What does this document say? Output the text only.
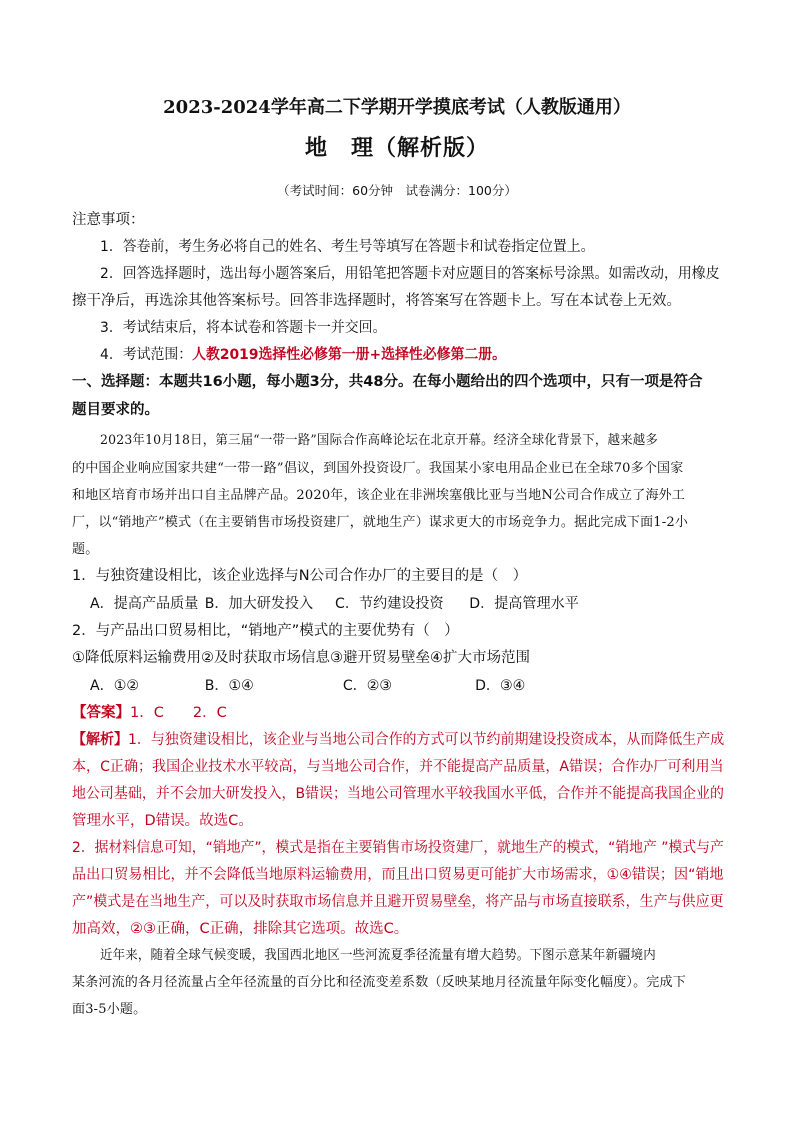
2023-2024学年高二下学期开学摸底考试（人教版通用）
地　理（解析版）
（考试时间：60分钟　试卷满分：100分）
注意事项：
1．答卷前，考生务必将自己的姓名、考生号等填写在答题卡和试卷指定位置上。
2．回答选择题时，选出每小题答案后，用铅笔把答题卡对应题目的答案标号涂黑。如需改动，用橡皮
擦干净后，再选涂其他答案标号。回答非选择题时，将答案写在答题卡上。写在本试卷上无效。
3．考试结束后，将本试卷和答题卡一并交回。
4．考试范围：人教2019选择性必修第一册+选择性必修第二册。
一、选择题：本题共16小题，每小题3分，共48分。在每小题给出的四个选项中，只有一项是符合
题目要求的。
2023年10月18日，第三届“一带一路”国际合作高峰论坛在北京开幕。经济全球化背景下，越来越多
的中国企业响应国家共建“一带一路”倡议，到国外投资设厂。我国某小家电用品企业已在全球70多个国家
和地区培育市场并出口自主品牌产品。2020年，该企业在非洲埃塞俄比亚与当地N公司合作成立了海外工
厂，以“销地产”模式（在主要销售市场投资建厂，就地生产）谋求更大的市场竞争力。据此完成下面1-2小
题。
1．与独资建设相比，该企业选择与N公司合作办厂的主要目的是（　）
A．提高产品质量 B．加大研发投入 C．节约建设投资 D．提高管理水平
2．与产品出口贸易相比，“销地产”模式的主要优势有（　）
①降低原料运输费用②及时获取市场信息③避开贸易壁垒④扩大市场范围
A．①②	B．①④	C．②③	D．③④
【答案】1．C　　2．C
【解析】1．与独资建设相比，该企业与当地公司合作的方式可以节约前期建设投资成本，从而降低生产成
本，C正确；我国企业技术水平较高，与当地公司合作，并不能提高产品质量，A错误；合作办厂可利用当
地公司基础，并不会加大研发投入，B错误；当地公司管理水平较我国水平低，合作并不能提高我国企业的
管理水平，D错误。故选C。
2．据材料信息可知，“销地产”，模式是指在主要销售市场投资建厂，就地生产的模式，“销地产 ”模式与产
品出口贸易相比，并不会降低当地原料运输费用，而且出口贸易更可能扩大市场需求，①④错误；因“销地
产”模式是在当地生产，可以及时获取市场信息并且避开贸易壁垒，将产品与市场直接联系，生产与供应更
加高效，②③正确，C正确，排除其它选项。故选C。
近年来，随着全球气候变暖，我国西北地区一些河流夏季径流量有增大趋势。下图示意某年新疆境内
某条河流的各月径流量占全年径流量的百分比和径流变差系数（反映某地月径流量年际变化幅度）。完成下
面3-5小题。
